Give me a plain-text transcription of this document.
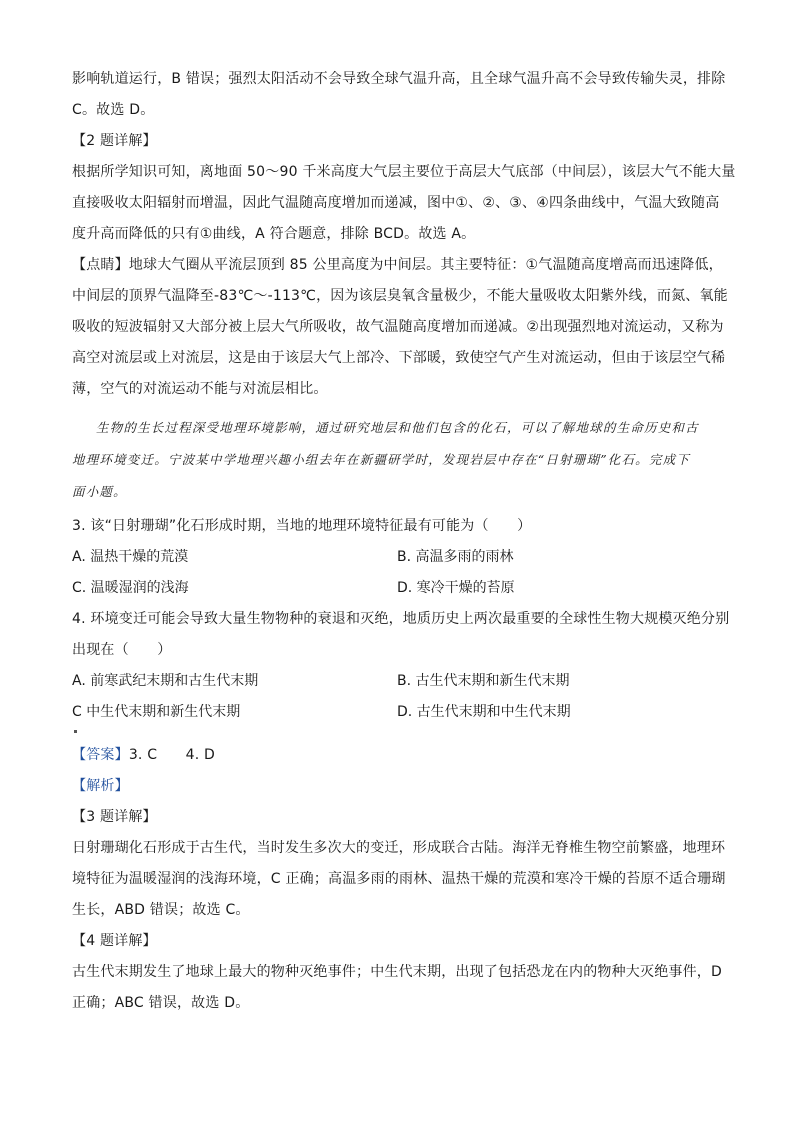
影响轨道运行，B 错误；强烈太阳活动不会导致全球气温升高，且全球气温升高不会导致传输失灵，排除
C。故选 D。
【2 题详解】
根据所学知识可知，离地面 50～90 千米高度大气层主要位于高层大气底部（中间层），该层大气不能大量
直接吸收太阳辐射而增温，因此气温随高度增加而递减，图中①、②、③、④四条曲线中，气温大致随高
度升高而降低的只有①曲线，A 符合题意，排除 BCD。故选 A。
【点睛】地球大气圈从平流层顶到 85 公里高度为中间层。其主要特征：①气温随高度增高而迅速降低，
中间层的顶界气温降至-83℃～-113℃，因为该层臭氧含量极少，不能大量吸收太阳紫外线，而氮、氧能
吸收的短波辐射又大部分被上层大气所吸收，故气温随高度增加而递减。②出现强烈地对流运动，又称为
高空对流层或上对流层，这是由于该层大气上部冷、下部暖，致使空气产生对流运动，但由于该层空气稀
薄，空气的对流运动不能与对流层相比。
生物的生长过程深受地理环境影响，通过研究地层和他们包含的化石，可以了解地球的生命历史和古
地理环境变迁。宁波某中学地理兴趣小组去年在新疆研学时，发现岩层中存在“日射珊瑚”化石。完成下
面小题。
3. 该“日射珊瑚”化石形成时期，当地的地理环境特征最有可能为（　　）
A. 温热干燥的荒漠	B. 高温多雨的雨林
C. 温暖湿润的浅海	D. 寒冷干燥的苔原
4. 环境变迁可能会导致大量生物物种的衰退和灭绝，地质历史上两次最重要的全球性生物大规模灭绝分别
出现在（　　）
A. 前寒武纪末期和古生代末期	B. 古生代末期和新生代末期
C 中生代末期和新生代末期	D. 古生代末期和中生代末期
【答案】3. C　　4. D
【解析】
【3 题详解】
日射珊瑚化石形成于古生代，当时发生多次大的变迁，形成联合古陆。海洋无脊椎生物空前繁盛，地理环
境特征为温暖湿润的浅海环境，C 正确；高温多雨的雨林、温热干燥的荒漠和寒冷干燥的苔原不适合珊瑚
生长，ABD 错误；故选 C。
【4 题详解】
古生代末期发生了地球上最大的物种灭绝事件；中生代末期，出现了包括恐龙在内的物种大灭绝事件，D
正确；ABC 错误，故选 D。
